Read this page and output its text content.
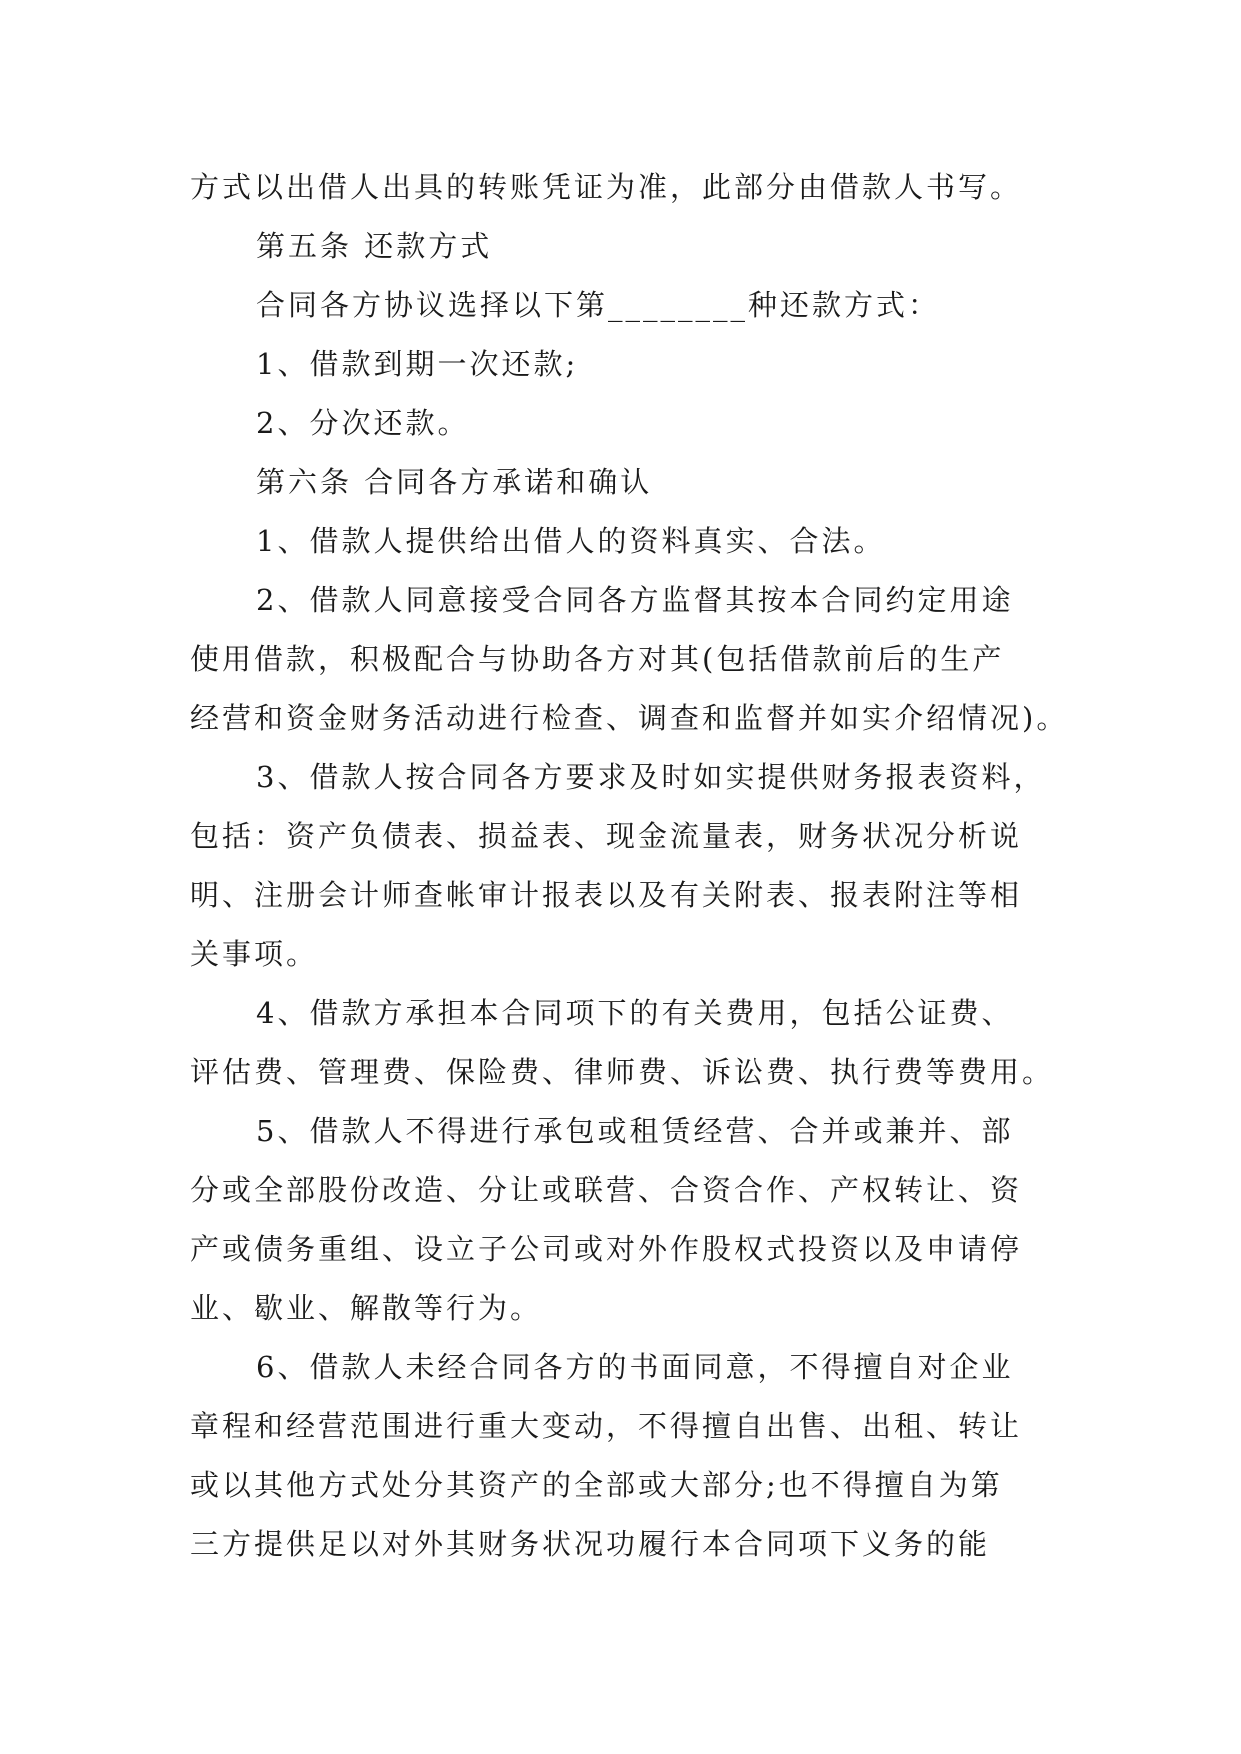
方式以出借人出具的转账凭证为准，此部分由借款人书写。
第五条 还款方式
合同各方协议选择以下第________种还款方式：
1、借款到期一次还款;
2、分次还款。
第六条 合同各方承诺和确认
1、借款人提供给出借人的资料真实、合法。
2、借款人同意接受合同各方监督其按本合同约定用途
使用借款，积极配合与协助各方对其(包括借款前后的生产
经营和资金财务活动进行检查、调查和监督并如实介绍情况)。
3、借款人按合同各方要求及时如实提供财务报表资料，
包括：资产负债表、损益表、现金流量表，财务状况分析说
明、注册会计师查帐审计报表以及有关附表、报表附注等相
关事项。
4、借款方承担本合同项下的有关费用，包括公证费、
评估费、管理费、保险费、律师费、诉讼费、执行费等费用。
5、借款人不得进行承包或租赁经营、合并或兼并、部
分或全部股份改造、分让或联营、合资合作、产权转让、资
产或债务重组、设立子公司或对外作股权式投资以及申请停
业、歇业、解散等行为。
6、借款人未经合同各方的书面同意，不得擅自对企业
章程和经营范围进行重大变动，不得擅自出售、出租、转让
或以其他方式处分其资产的全部或大部分;也不得擅自为第
三方提供足以对外其财务状况功履行本合同项下义务的能
